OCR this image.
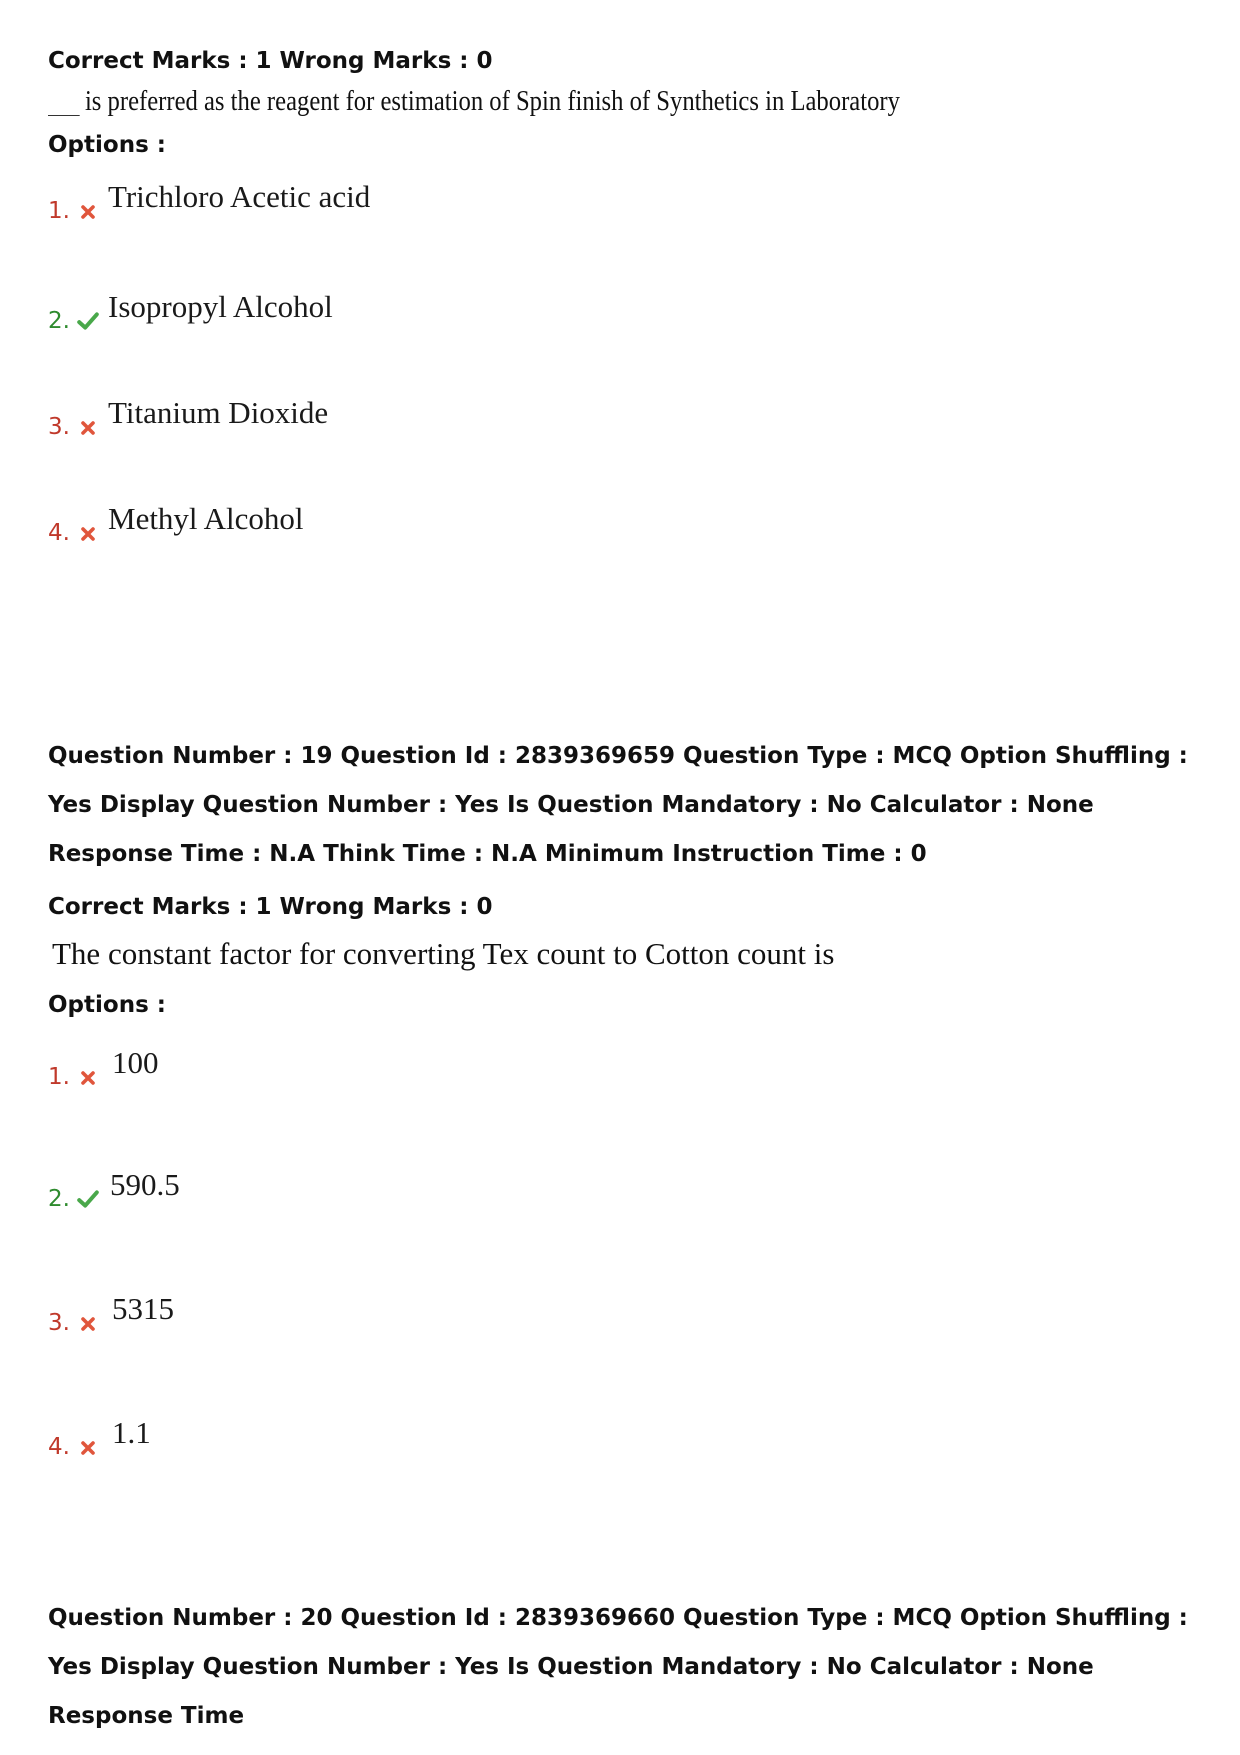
Correct Marks : 1 Wrong Marks : 0
is preferred as the reagent for estimation of Spin finish of Synthetics in Laboratory
Options :
1. Trichloro Acetic acid
2. Isopropyl Alcohol
3. Titanium Dioxide
4. Methyl Alcohol

Question Number : 19 Question Id : 2839369659 Question Type : MCQ Option Shuffling : Yes Display Question Number : Yes Is Question Mandatory : No Calculator : None Response Time : N.A Think Time : N.A Minimum Instruction Time : 0

Correct Marks : 1 Wrong Marks : 0
The constant factor for converting Tex count to Cotton count is
Options :
1. 100
2. 590.5
3. 5315
4. 1.1

Question Number : 20 Question Id : 2839369660 Question Type : MCQ Option Shuffling : Yes Display Question Number : Yes Is Question Mandatory : No Calculator : None Response Time
